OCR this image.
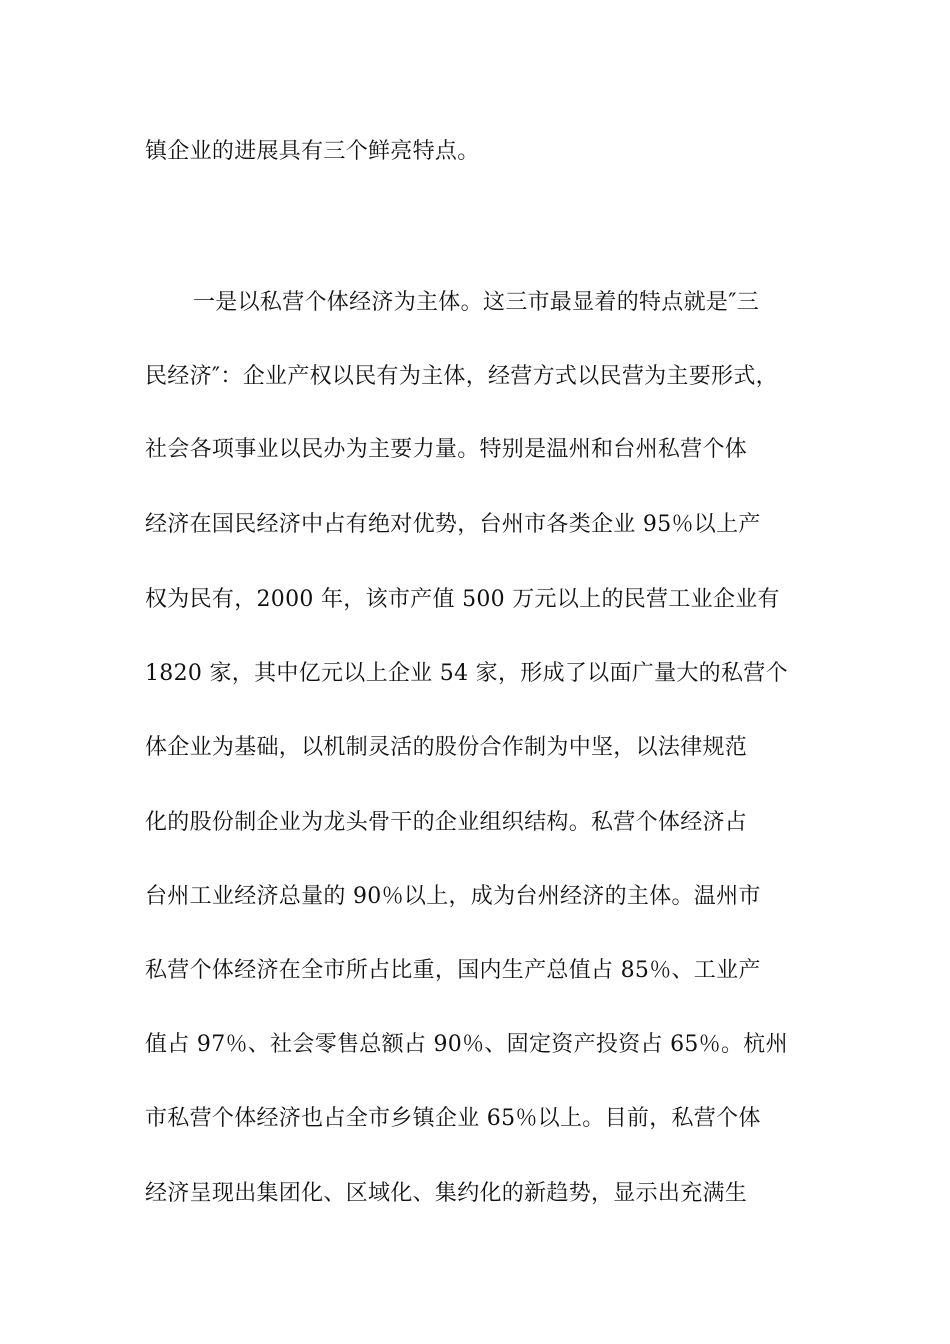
镇企业的进展具有三个鲜亮特点。
一是以私营个体经济为主体。这三市最显着的特点就是″三
民经济″：企业产权以民有为主体，经营方式以民营为主要形式，
社会各项事业以民办为主要力量。特别是温州和台州私营个体
经济在国民经济中占有绝对优势，台州市各类企业 95％以上产
权为民有，2000 年，该市产值 500 万元以上的民营工业企业有
1820 家，其中亿元以上企业 54 家，形成了以面广量大的私营个
体企业为基础，以机制灵活的股份合作制为中坚，以法律规范
化的股份制企业为龙头骨干的企业组织结构。私营个体经济占
台州工业经济总量的 90％以上，成为台州经济的主体。温州市
私营个体经济在全市所占比重，国内生产总值占 85％、工业产
值占 97％、社会零售总额占 90％、固定资产投资占 65％。杭州
市私营个体经济也占全市乡镇企业 65％以上。目前，私营个体
经济呈现出集团化、区域化、集约化的新趋势，显示出充满生
